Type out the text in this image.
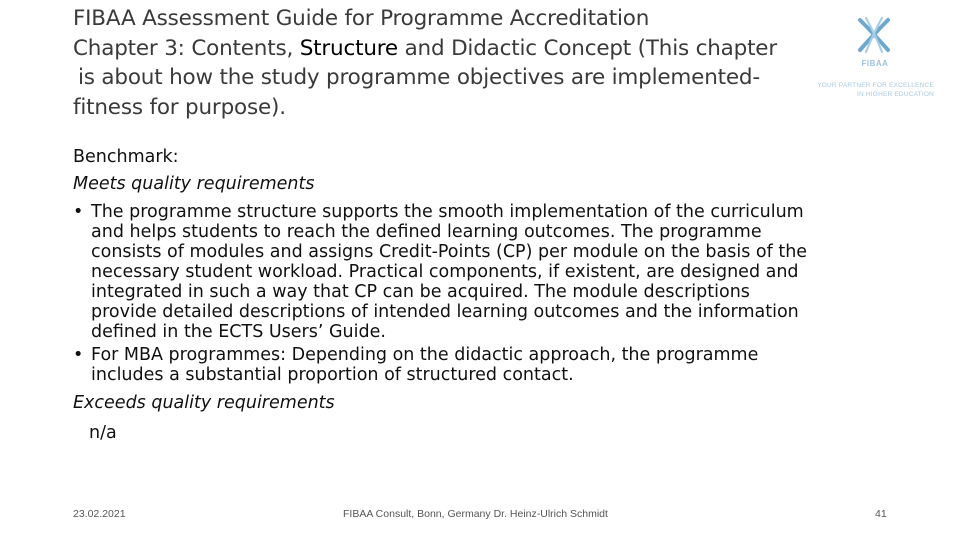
FIBAA Assessment Guide for Programme Accreditation
Chapter 3: Contents, Structure and Didactic Concept (This chapter
is about how the study programme objectives are implemented-
fitness for purpose).
FIBAA
YOUR PARTNER FOR EXCELLENCE
IN HIGHER EDUCATION
Benchmark:
Meets quality requirements
• The programme structure supports the smooth implementation of the curriculum
and helps students to reach the defined learning outcomes. The programme
consists of modules and assigns Credit-Points (CP) per module on the basis of the
necessary student workload. Practical components, if existent, are designed and
integrated in such a way that CP can be acquired. The module descriptions
provide detailed descriptions of intended learning outcomes and the information
defined in the ECTS Users’ Guide.
• For MBA programmes: Depending on the didactic approach, the programme
includes a substantial proportion of structured contact.
Exceeds quality requirements
n/a
23.02.2021	FIBAA Consult, Bonn, Germany Dr. Heinz-Ulrich Schmidt	41
